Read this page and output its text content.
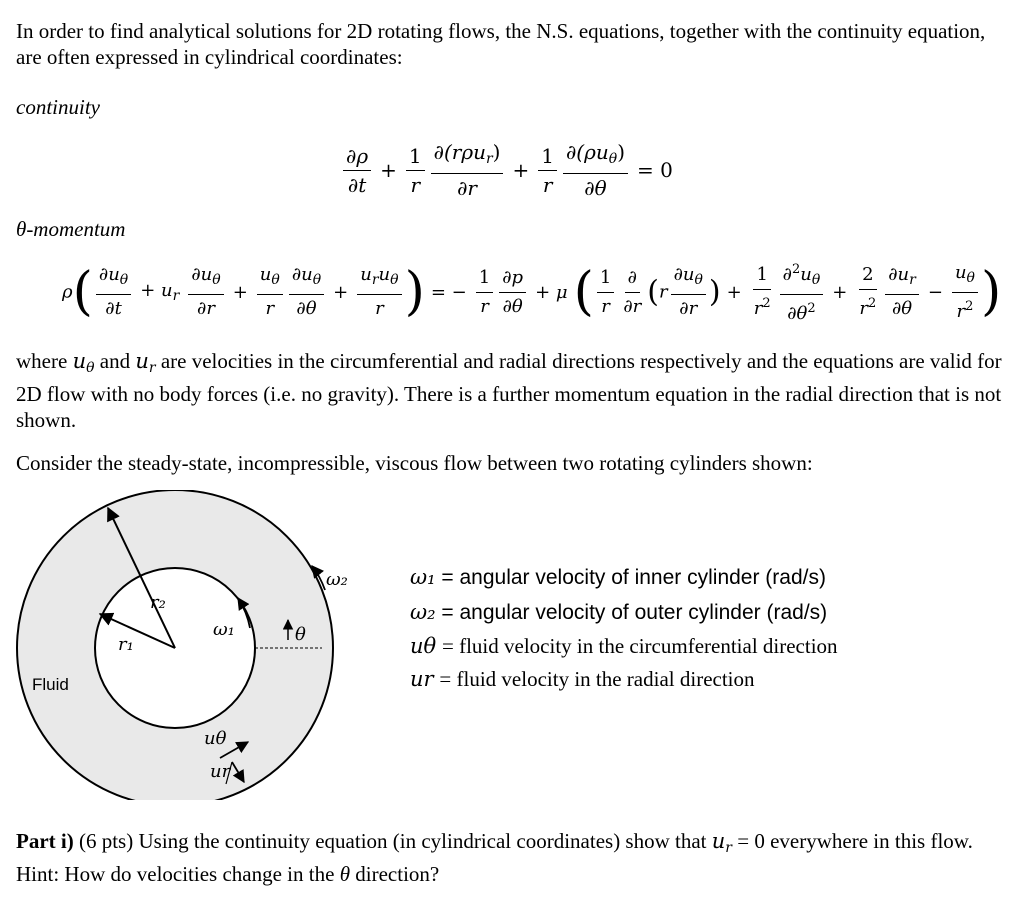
In order to find analytical solutions for 2D rotating flows, the N.S. equations, together with the continuity equation, are often expressed in cylindrical coordinates:

continuity
$\frac{\partial\rho}{\partial t} + \frac{1}{r} \frac{\partial(r\rho u_r)}{\partial r} + \frac{1}{r} \frac{\partial(\rho u_\theta)}{\partial\theta} = 0$
θ-momentum
$\rho( \frac{\partial u_\theta}{\partial t} + u_r \frac{\partial u_\theta}{\partial r} + \frac{u_\theta}{r} \frac{\partial u_\theta}{\partial\theta} + \frac{u_ru_\theta}{r}$ ) = − $\frac{1}{r} \frac{\partial p}{\partial\theta} + \mu$ ( $\frac{1}{r} \frac{\partial}{\partial r} (r \frac{\partial u_\theta}{\partial r}$ ) + $\frac{1}{r^2} \frac{\partial^2u_\theta}{\partial\theta^2} + \frac{2}{r^2} \frac{\partial u_r}{\partial\theta} - \frac{u_\theta}{r^2}$ )

where $u_\theta$ and $u_r$ are velocities in the circumferential and radial directions respectively and the equations are valid for 2D flow with no body forces (i.e. no gravity). There is a further momentum equation in the radial direction that is not shown.

Consider the steady-state, incompressible, viscous flow between two rotating cylinders shown:

Fluid
r₂
r₁
ω₁
ω₂
θ
uθ
ur
ω₁ = angular velocity of inner cylinder (rad/s)
ω₂ = angular velocity of outer cylinder (rad/s)
uθ = fluid velocity in the circumferential direction
ur = fluid velocity in the radial direction

Part i) (6 pts) Using the continuity equation (in cylindrical coordinates) show that $u_r = 0$ everywhere in this flow. Hint: How do velocities change in the θ direction?
